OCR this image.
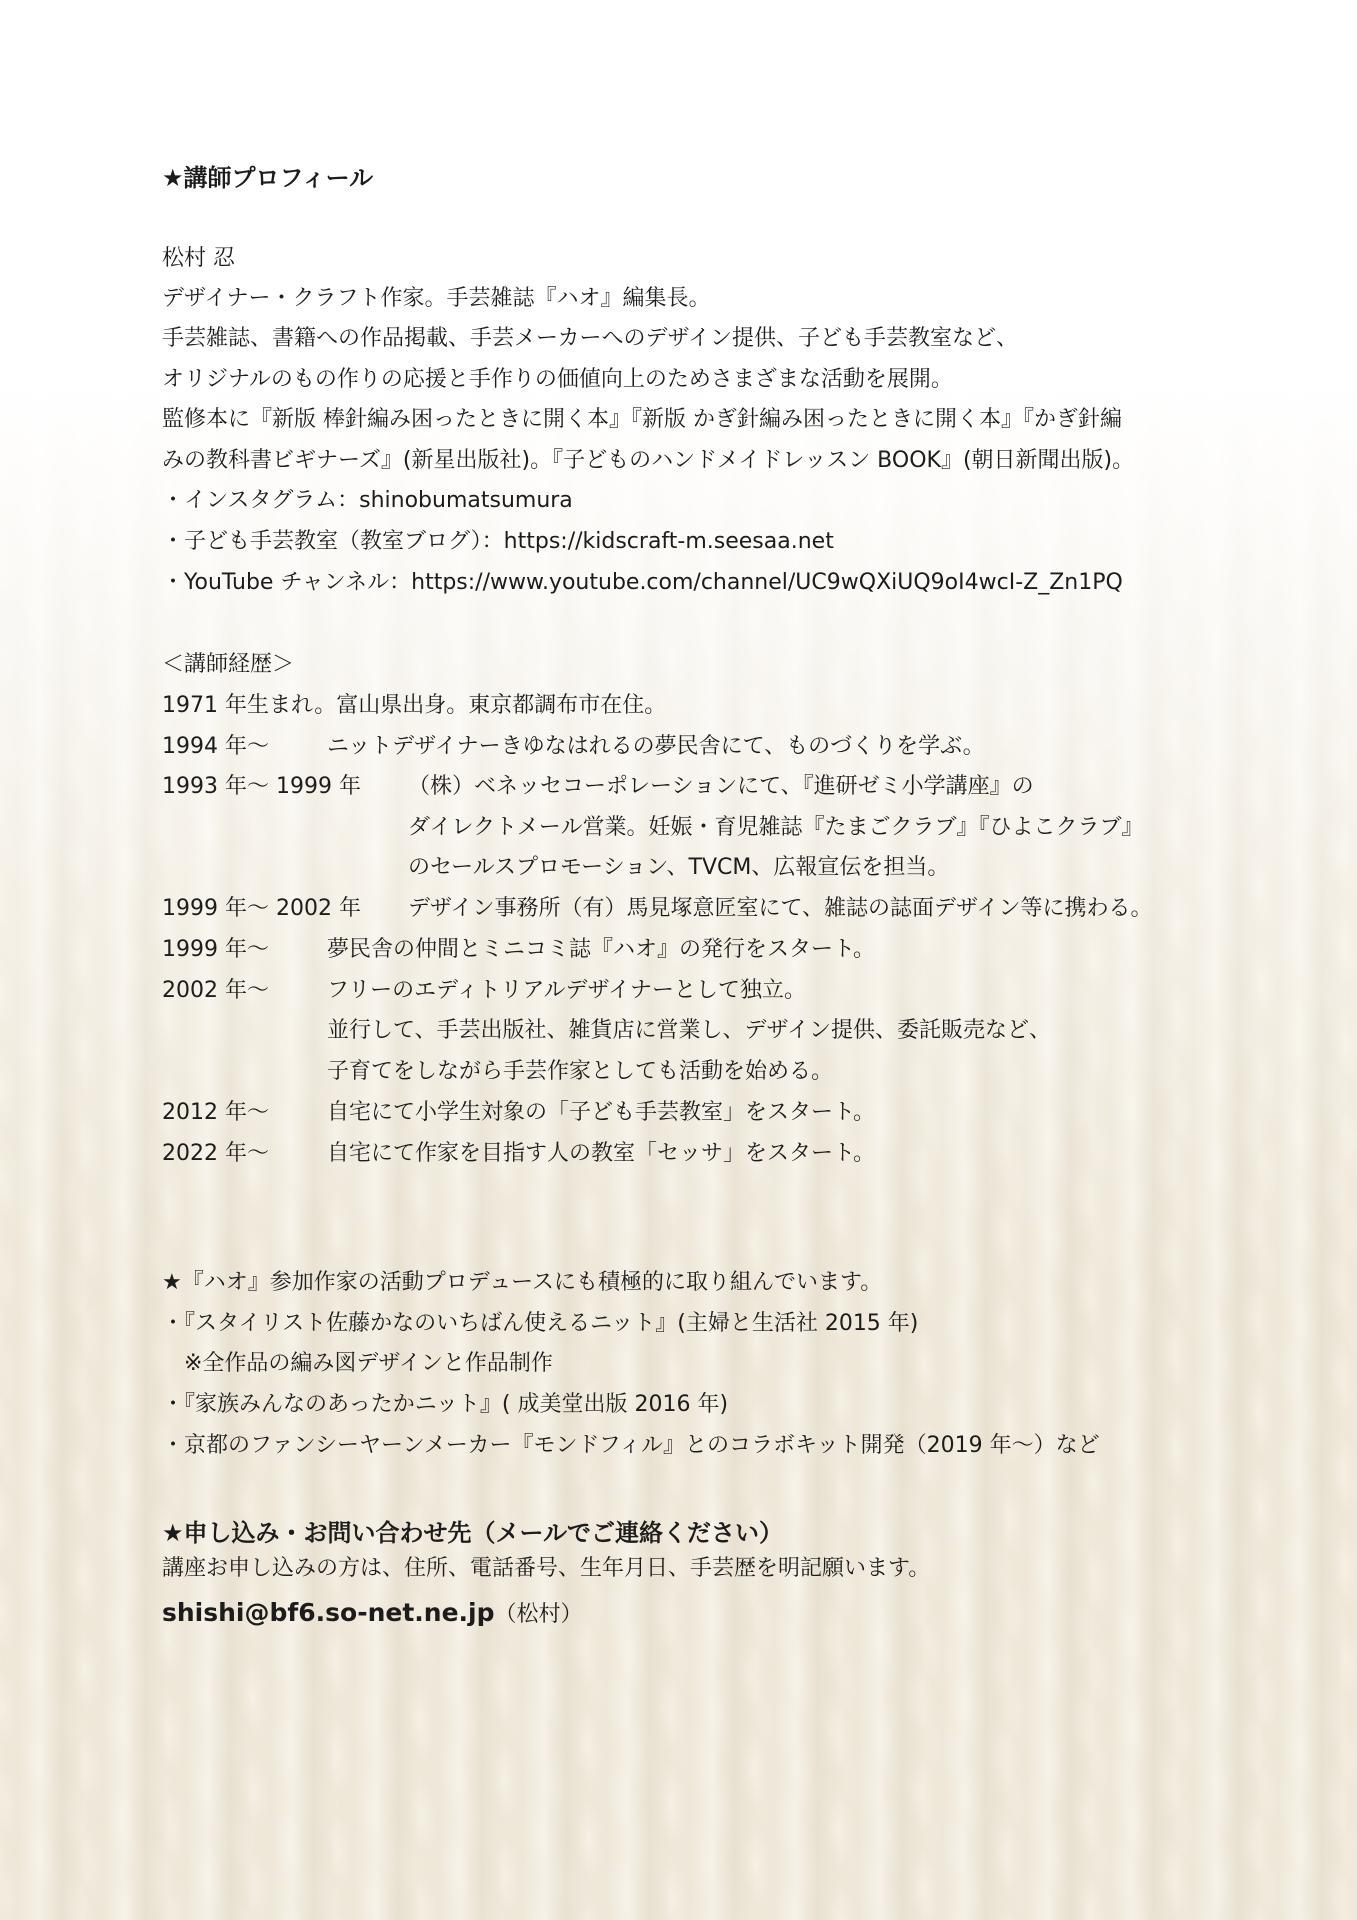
★講師プロフィール
松村 忍
デザイナー・クラフト作家。手芸雑誌『ハオ』編集長。
手芸雑誌、書籍への作品掲載、手芸メーカーへのデザイン提供、子ども手芸教室など、
オリジナルのもの作りの応援と手作りの価値向上のためさまざまな活動を展開。
監修本に『新版 棒針編み困ったときに開く本』『新版 かぎ針編み困ったときに開く本』『かぎ針編
みの教科書ビギナーズ』(新星出版社)。『子どものハンドメイドレッスン BOOK』(朝日新聞出版)。
・インスタグラム：shinobumatsumura
・子ども手芸教室（教室ブログ）：https://kidscraft-m.seesaa.net
・YouTube チャンネル：https://www.youtube.com/channel/UC9wQXiUQ9oI4wcI-Z_Zn1PQ
＜講師経歴＞
1971 年生まれ。富山県出身。東京都調布市在住。
1994 年〜	ニットデザイナーきゆなはれるの夢民舎にて、ものづくりを学ぶ。
1993 年〜 1999 年 （株）ベネッセコーポレーションにて、『進研ゼミ小学講座』の
ダイレクトメール営業。妊娠・育児雑誌『たまごクラブ』『ひよこクラブ』
のセールスプロモーション、TVCM、広報宣伝を担当。
1999 年〜 2002 年 デザイン事務所（有）馬見塚意匠室にて、雑誌の誌面デザイン等に携わる。
1999 年〜	夢民舎の仲間とミニコミ誌『ハオ』の発行をスタート。
2002 年〜	フリーのエディトリアルデザイナーとして独立。
並行して、手芸出版社、雑貨店に営業し、デザイン提供、委託販売など、
子育てをしながら手芸作家としても活動を始める。
2012 年〜	自宅にて小学生対象の「子ども手芸教室」をスタート。
2022 年〜	自宅にて作家を目指す人の教室「セッサ」をスタート。
★『ハオ』参加作家の活動プロデュースにも積極的に取り組んでいます。
・『スタイリスト佐藤かなのいちばん使えるニット』(主婦と生活社 2015 年)
　※全作品の編み図デザインと作品制作
・『家族みんなのあったかニット』( 成美堂出版 2016 年)
・京都のファンシーヤーンメーカー『モンドフィル』とのコラボキット開発（2019 年〜）など
★申し込み・お問い合わせ先（メールでご連絡ください）
講座お申し込みの方は、住所、電話番号、生年月日、手芸歴を明記願います。
shishi@bf6.so-net.ne.jp（松村）
